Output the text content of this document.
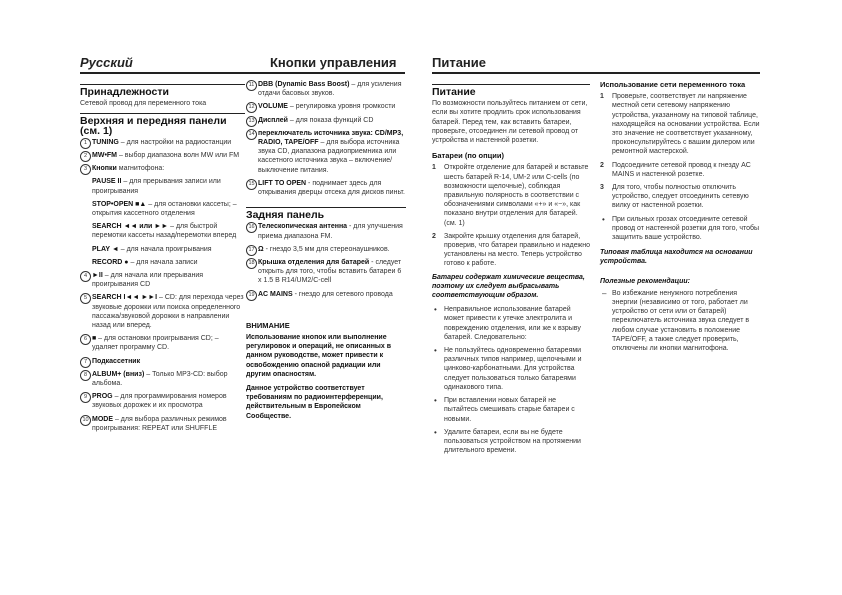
Русский	Кнопки управления	Питание
Принадлежности

Сетевой провод для переменного тока

Верхняя и передняя панели (см. 1)
1 TUNING – для настройки на радиостанции
2 MW•FM – выбор диапазона волн MW или FM
3 Кнопки магнитофона:
PAUSE II – для прерывания записи или проигрывания
STOP•OPEN ■▲ – для остановки кассеты; – открытия кассетного отделения
SEARCH ◄◄ или ►► – для быстрой перемотки кассеты назад/перемотки вперед
PLAY ◄ – для начала проигрывания
RECORD ● – для начала записи
4 ►II – для начала или прерывания проигрывания CD
5 SEARCH I◄◄ ►►I – CD: для перехода через звуковые дорожки или поиска определенного пассажа/звуковой дорожки в направлении назад или вперед.
6 ■ – для остановки проигрывания CD; – удаляет программу CD.
7 Подкассетник
8 ALBUM+ (вниз) – Только MP3-CD: выбор альбома.
9 PROG – для программирования номеров звуковых дорожек и их просмотра
10 MODE – для выбора различных режимов проигрывания: REPEAT или SHUFFLE
11 DBB (Dynamic Bass Boost) – для усиления отдачи басовых звуков.
12 VOLUME – регулировка уровня громкости
13 Дисплей – для показа функций CD
14 переключатель источника звука: CD/MP3, RADIO, TAPE/OFF – для выбора источника звука CD, диапазона радиоприемника или кассетного источника звука – включение/выключение питания.
15 LIFT TO OPEN - поднимает здесь для открывания дверцы отсека для дисков пиньт.
Задняя панель
16 Телескопическая антенна - для улучшения приема диапазона FM.
17 Ω - гнездо 3,5 мм для стереонаушников.
18 Крышка отделения для батарей - следует открыть для того, чтобы вставить батареи 6 x 1.5 B R14/UM2/C-cell
19 AC MAINS - гнездо для сетевого провода
ВНИМАНИЕ

Использование кнопок или выполнение регулировок и операций, не описанных в данном руководстве, может привести к освобождению опасной радиации или другим опасностям.

Данное устройство соответствует требованиям по радиоинтерференции, действительным в Европейском Сообществе.

Питание

По возможности пользуйтесь питанием от сети, если вы хотите продлить срок использования батарей. Перед тем, как вставить батареи, проверьте, отсоединен ли сетевой провод от устройства и настенной розетки.

Батареи (по опции)
1 Откройте отделение для батарей и вставьте шесть батарей R-14, UM-2 или C-cells (по возможности щелочные), соблюдая правильную полярность в соответствии с обозначениями символами «+» и «−», как показано внутри отделения для батарей. (см. 1)
2 Закройте крышку отделения для батарей, проверив, что батареи правильно и надежно установлены на место. Теперь устройство готово к работе.

Батареи содержат химические вещества, поэтому их следует выбрасывать соответствующим образом.

• Неправильное использование батарей может привести к утечке электролита и повреждению отделения, или же к взрыву батарей. Следовательно:
• Не пользуйтесь одновременно батареями различных типов например, щелочными и цинково-карбонатными. Для устройства следует пользоваться только батареями одинакового типа.
• При вставлении новых батарей не пытайтесь смешивать старые батареи с новыми.
• Удалите батареи, если вы не будете пользоваться устройством на протяжении длительного времени.
Использование сети переменного тока
1 Проверьте, соответствует ли напряжение местной сети сетевому напряжению устройства, указанному на типовой таблице, находящейся на основании устройства. Если это значение не соответствует указанному, проконсультируйтесь с вашим дилером или ремонтной мастерской.
2 Подсоедините сетевой провод к гнезду AC MAINS и настенной розетке.
3 Для того, чтобы полностью отключить устройство, следует отсоединить сетевую вилку от настенной розетки.
• При сильных грозах отсоедините сетевой провод от настенной розетки для того, чтобы защитить ваше устройство.

Типовая таблица находится на основании устройства.

Полезные рекомендации:
– Во избежание ненужного потребления энергии (независимо от того, работает ли устройство от сети или от батарей) переключатель источника звука следует в любом случае установить в положение TAPE/OFF, а также следует проверить, отключены ли кнопки магнитофона.
